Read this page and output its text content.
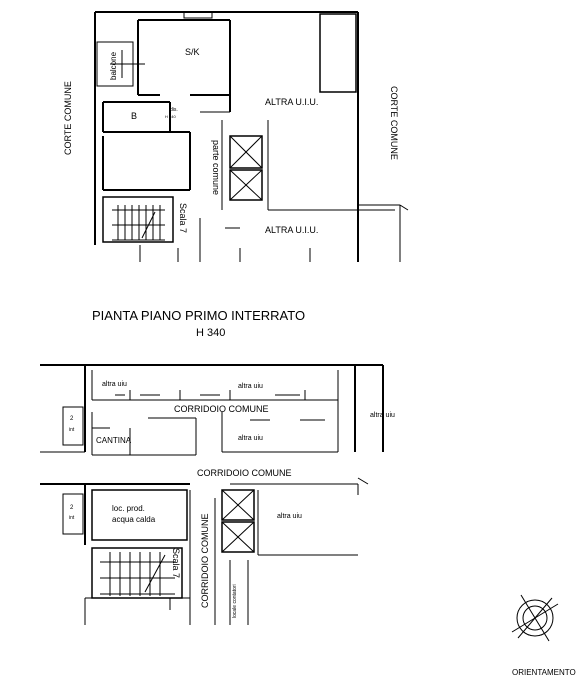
balcone	S/K
B
dis.
H 240
ALTRA U.I.U.
ALTRA U.I.U.
parte comune
Scala 7
CORTE COMUNE	CORTE COMUNE
PIANTA PIANO PRIMO INTERRATO
H 340
altra uiu	altra uiu
altra uiu
altra uiu
altra uiu
CORRIDOIO COMUNE
CORRIDOIO COMUNE
CORRIDOIO COMUNE
CANTINA
2
int
2
int
loc. prod.
acqua calda
Scala 7
locale contatori
ORIENTAMENTO
